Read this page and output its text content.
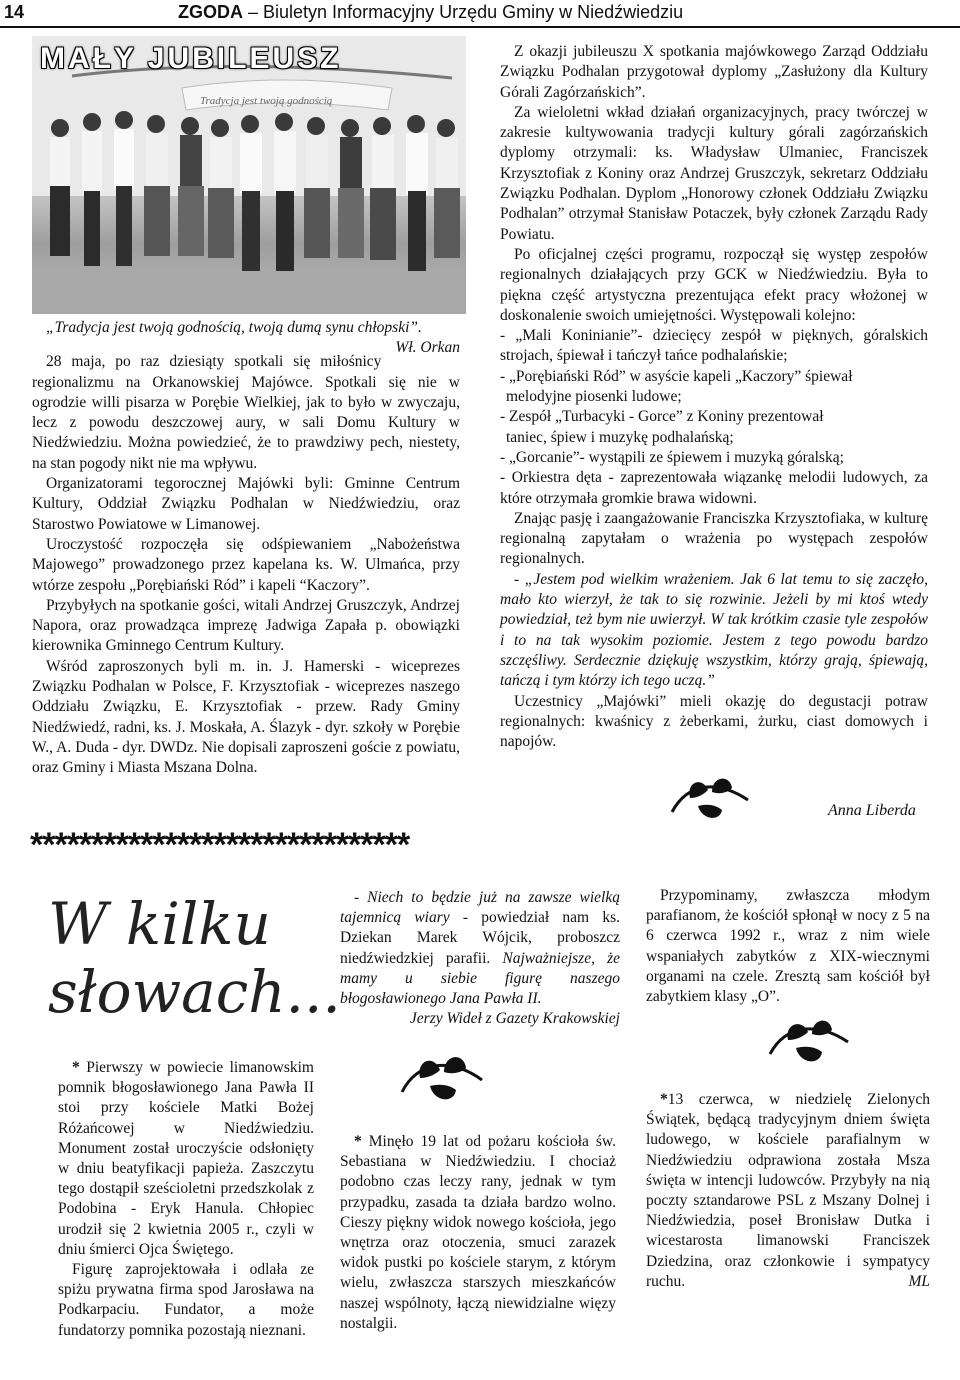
14	ZGODA – Biuletyn Informacyjny Urzędu Gminy w Niedźwiedziu
Tradycja jest twoją godnością
MAŁY JUBILEUSZ

„Tradycja jest twoją godnością, twoją dumą synu chłopski”.
Wł. Orkan

28 maja, po raz dziesiąty spotkali się miłośnicy regionalizmu na Orkanowskiej Majówce. Spotkali się nie w ogrodzie willi pisarza w Porębie Wielkiej, jak to było w zwyczaju, lecz z powodu deszczowej aury, w sali Domu Kultury w Niedźwiedziu. Można powiedzieć, że to prawdziwy pech, niestety, na stan pogody nikt nie ma wpływu.

Organizatorami tegorocznej Majówki byli: Gminne Centrum Kultury, Oddział Związku Podhalan w Niedźwiedziu, oraz Starostwo Powiatowe w Limanowej.

Uroczystość rozpoczęła się odśpiewaniem „Nabożeństwa Majowego” prowadzonego przez kapelana ks. W. Ulmańca, przy wtórze zespołu „Porębiański Ród” i kapeli “Kaczory”.

Przybyłych na spotkanie gości, witali Andrzej Gruszczyk, Andrzej Napora, oraz prowadząca imprezę Jadwiga Zapała p. obowiązki kierownika Gminnego Centrum Kultury.

Wśród zaproszonych byli m. in. J. Hamerski - wiceprezes Związku Podhalan w Polsce, F. Krzysztofiak - wiceprezes naszego Oddziału Związku, E. Krzysztofiak - przew. Rady Gminy Niedźwiedź, radni, ks. J. Moskała, A. Ślazyk - dyr. szkoły w Porębie W., A. Duda - dyr. DWDz. Nie dopisali zaproszeni goście z powiatu, oraz Gminy i Miasta Mszana Dolna.

Z okazji jubileuszu X spotkania majówkowego Zarząd Oddziału Związku Podhalan przygotował dyplomy „Zasłużony dla Kultury Górali Zagórzańskich”.

Za wieloletni wkład działań organizacyjnych, pracy twórczej w zakresie kultywowania tradycji kultury górali zagórzańskich dyplomy otrzymali: ks. Władysław Ulmaniec, Franciszek Krzysztofiak z Koniny oraz Andrzej Gruszczyk, sekretarz Oddziału Związku Podhalan. Dyplom „Honorowy członek Oddziału Związku Podhalan” otrzymał Stanisław Potaczek, były członek Zarządu Rady Powiatu.

Po oficjalnej części programu, rozpoczął się występ zespołów regionalnych działających przy GCK w Niedźwiedziu. Była to piękna część artystyczna prezentująca efekt pracy włożonej w doskonalenie swoich umiejętności. Występowali kolejno:

- „Mali Koninianie”- dziecięcy zespół w pięknych, góralskich strojach, śpiewał i tańczył tańce podhalańskie;

- „Porębiański Ród” w asyście kapeli „Kaczory” śpiewał

melodyjne piosenki ludowe;

- Zespół „Turbacyki - Gorce” z Koniny prezentował

taniec, śpiew i muzykę podhalańską;

- „Gorcanie”- wystąpili ze śpiewem i muzyką góralską;

- Orkiestra dęta - zaprezentowała wiązankę melodii ludowych, za które otrzymała gromkie brawa widowni.

Znając pasję i zaangażowanie Franciszka Krzysztofiaka, w kulturę regionalną zapytałam o wrażenia po występach zespołów regionalnych.

- „Jestem pod wielkim wrażeniem. Jak 6 lat temu to się zaczęło, mało kto wierzył, że tak to się rozwinie. Jeżeli by mi ktoś wtedy powiedział, też bym nie uwierzył. W tak krótkim czasie tyle zespołów i to na tak wysokim poziomie. Jestem z tego powodu bardzo szczęśliwy. Serdecznie dziękuję wszystkim, którzy grają, śpiewają, tańczą i tym którzy ich tego uczą.”

Uczestnicy „Majówki” mieli okazję do degustacji potraw regionalnych: kwaśnicy z żeberkami, żurku, ciast domowych i napojów.

Anna Liberda
*******************************
W kilku
słowach...

* Pierwszy w powiecie limanowskim pomnik błogosławionego Jana Pawła II stoi przy kościele Matki Bożej Różańcowej w Niedźwiedziu. Monument został uroczyście odsłonięty w dniu beatyfikacji papieża. Zaszczytu tego dostąpił sześcioletni przedszkolak z Podobina - Eryk Hanula. Chłopiec urodził się 2 kwietnia 2005 r., czyli w dniu śmierci Ojca Świętego.

Figurę zaprojektowała i odlała ze spiżu prywatna firma spod Jarosława na Podkarpaciu. Fundator, a może fundatorzy pomnika pozostają nieznani.

- Niech to będzie już na zawsze wielką tajemnicą wiary - powiedział nam ks. Dziekan Marek Wójcik, proboszcz niedźwiedzkiej parafii. Najważniejsze, że mamy u siebie figurę naszego błogosławionego Jana Pawła II.

Jerzy Wideł z Gazety Krakowskiej

* Minęło 19 lat od pożaru kościoła św. Sebastiana w Niedźwiedziu. I chociaż podobno czas leczy rany, jednak w tym przypadku, zasada ta działa bardzo wolno. Cieszy piękny widok nowego kościoła, jego wnętrza oraz otoczenia, smuci zarazek widok pustki po kościele starym, z którym wielu, zwłaszcza starszych mieszkańców naszej wspólnoty, łączą niewidzialne więzy nostalgii.

Przypominamy, zwłaszcza młodym parafianom, że kościół spłonął w nocy z 5 na 6 czerwca 1992 r., wraz z nim wiele wspaniałych zabytków z XIX-wiecznymi organami na czele. Zresztą sam kościół był zabytkiem klasy „O”.

*13 czerwca, w niedzielę Zielonych Świątek, będącą tradycyjnym dniem święta ludowego, w kościele parafialnym w Niedźwiedziu odprawiona została Msza święta w intencji ludowców. Przybyły na nią poczty sztandarowe PSL z Mszany Dolnej i Niedźwiedzia, poseł Bronisław Dutka i wicestarosta limanowski Franciszek Dziedzina, oraz członkowie i sympatycy ruchu.	ML
